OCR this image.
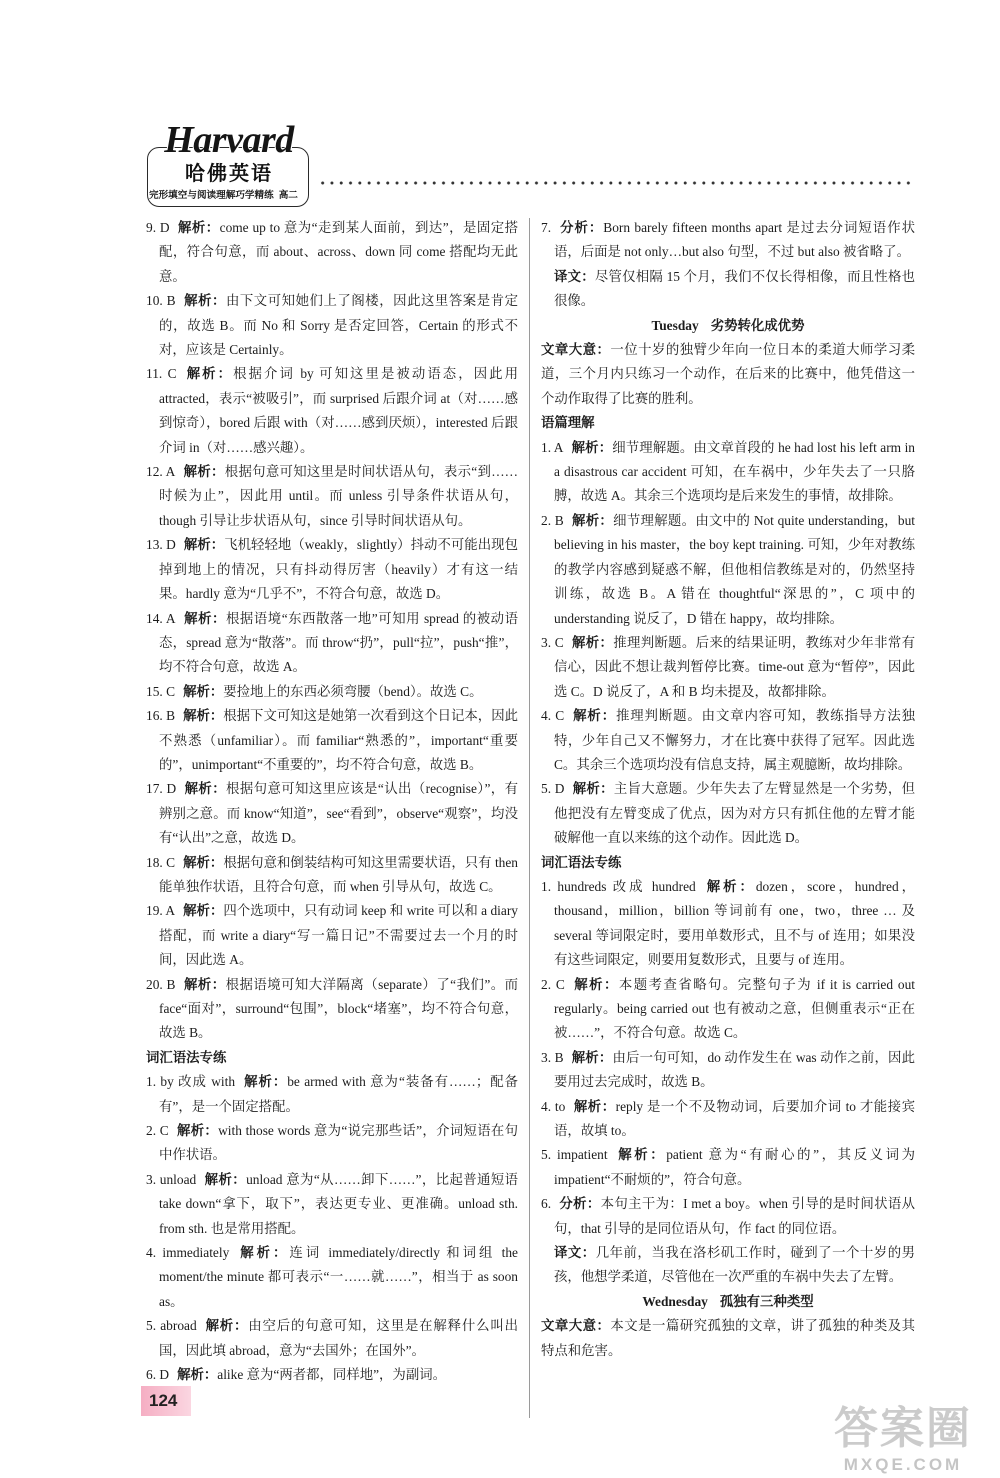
Harvard
哈佛英语
完形填空与阅读理解巧学精练 高二

9. D 解析：come up to 意为“走到某人面前，到达”，是固定搭配，符合句意，而 about、across、down 同 come 搭配均无此意。

10. B 解析：由下文可知她们上了阁楼，因此这里答案是肯定的，故选 B。而 No 和 Sorry 是否定回答，Certain 的形式不对，应该是 Certainly。

11. C 解析：根据介词 by 可知这里是被动语态，因此用 attracted，表示“被吸引”，而 surprised 后跟介词 at（对……感到惊奇），bored 后跟 with（对……感到厌烦），interested 后跟介词 in（对……感兴趣）。

12. A 解析：根据句意可知这里是时间状语从句，表示“到……时候为止”，因此用 until。而 unless 引导条件状语从句，though 引导让步状语从句，since 引导时间状语从句。

13. D 解析：飞机轻轻地（weakly，slightly）抖动不可能出现包掉到地上的情况，只有抖动得厉害（heavily）才有这一结果。hardly 意为“几乎不”，不符合句意，故选 D。

14. A 解析：根据语境“东西散落一地”可知用 spread 的被动语态，spread 意为“散落”。而 throw“扔”，pull“拉”，push“推”，均不符合句意，故选 A。

15. C 解析：要捡地上的东西必须弯腰（bend）。故选 C。

16. B 解析：根据下文可知这是她第一次看到这个日记本，因此不熟悉（unfamiliar）。而 familiar“熟悉的”，important“重要的”，unimportant“不重要的”，均不符合句意，故选 B。

17. D 解析：根据句意可知这里应该是“认出（recognise）”，有辨别之意。而 know“知道”，see“看到”，observe“观察”，均没有“认出”之意，故选 D。

18. C 解析：根据句意和倒装结构可知这里需要状语，只有 then 能单独作状语，且符合句意，而 when 引导从句，故选 C。

19. A 解析：四个选项中，只有动词 keep 和 write 可以和 a diary 搭配，而 write a diary“写一篇日记”不需要过去一个月的时间，因此选 A。

20. B 解析：根据语境可知大洋隔离（separate）了“我们”。而 face“面对”，surround“包围”，block“堵塞”，均不符合句意，故选 B。

词汇语法专练

1. by 改成 with 解析：be armed with 意为“装备有……；配备有”，是一个固定搭配。

2. C 解析：with those words 意为“说完那些话”，介词短语在句中作状语。

3. unload 解析：unload 意为“从……卸下……”，比起普通短语 take down“拿下，取下”，表达更专业、更准确。unload sth. from sth. 也是常用搭配。

4. immediately 解析：连词 immediately/directly 和词组 the moment/the minute 都可表示“一……就……”，相当于 as soon as。

5. abroad 解析：由空后的句意可知，这里是在解释什么叫出国，因此填 abroad，意为“去国外；在国外”。

6. D 解析：alike 意为“两者都，同样地”，为副词。

7. 分析：Born barely fifteen months apart 是过去分词短语作状语，后面是 not only…but also 句型，不过 but also 被省略了。

译文：尽管仅相隔 15 个月，我们不仅长得相像，而且性格也很像。

Tuesday 劣势转化成优势

文章大意：一位十岁的独臂少年向一位日本的柔道大师学习柔道，三个月内只练习一个动作，在后来的比赛中，他凭借这一个动作取得了比赛的胜利。

语篇理解

1. A 解析：细节理解题。由文章首段的 he had lost his left arm in a disastrous car accident 可知，在车祸中，少年失去了一只胳膊，故选 A。其余三个选项均是后来发生的事情，故排除。

2. B 解析：细节理解题。由文中的 Not quite understanding，but believing in his master，the boy kept training. 可知，少年对教练的教学内容感到疑惑不解，但他相信教练是对的，仍然坚持训练，故选 B。A 错在 thoughtful“深思的”，C 项中的 understanding 说反了，D 错在 happy，故均排除。

3. C 解析：推理判断题。后来的结果证明，教练对少年非常有信心，因此不想让裁判暂停比赛。time-out 意为“暂停”，因此选 C。D 说反了，A 和 B 均未提及，故都排除。

4. C 解析：推理判断题。由文章内容可知，教练指导方法独特，少年自己又不懈努力，才在比赛中获得了冠军。因此选 C。其余三个选项均没有信息支持，属主观臆断，故均排除。

5. D 解析：主旨大意题。少年失去了左臂显然是一个劣势，但他把没有左臂变成了优点，因为对方只有抓住他的左臂才能破解他一直以来练的这个动作。因此选 D。

词汇语法专练

1. hundreds 改成 hundred 解析：dozen，score，hundred，thousand，million，billion 等词前有 one，two，three … 及 several 等词限定时，要用单数形式，且不与 of 连用；如果没有这些词限定，则要用复数形式，且要与 of 连用。

2. C 解析：本题考查省略句。完整句子为 if it is carried out regularly。being carried out 也有被动之意，但侧重表示“正在被……”，不符合句意。故选 C。

3. B 解析：由后一句可知，do 动作发生在 was 动作之前，因此要用过去完成时，故选 B。

4. to 解析：reply 是一个不及物动词，后要加介词 to 才能接宾语，故填 to。

5. impatient 解析：patient 意为“有耐心的”，其反义词为 impatient“不耐烦的”，符合句意。

6. 分析：本句主干为：I met a boy。when 引导的是时间状语从句，that 引导的是同位语从句，作 fact 的同位语。

译文：几年前，当我在洛杉矶工作时，碰到了一个十岁的男孩，他想学柔道，尽管他在一次严重的车祸中失去了左臂。

Wednesday 孤独有三种类型

文章大意：本文是一篇研究孤独的文章，讲了孤独的种类及其特点和危害。

124
答案圈
MXQE.COM
